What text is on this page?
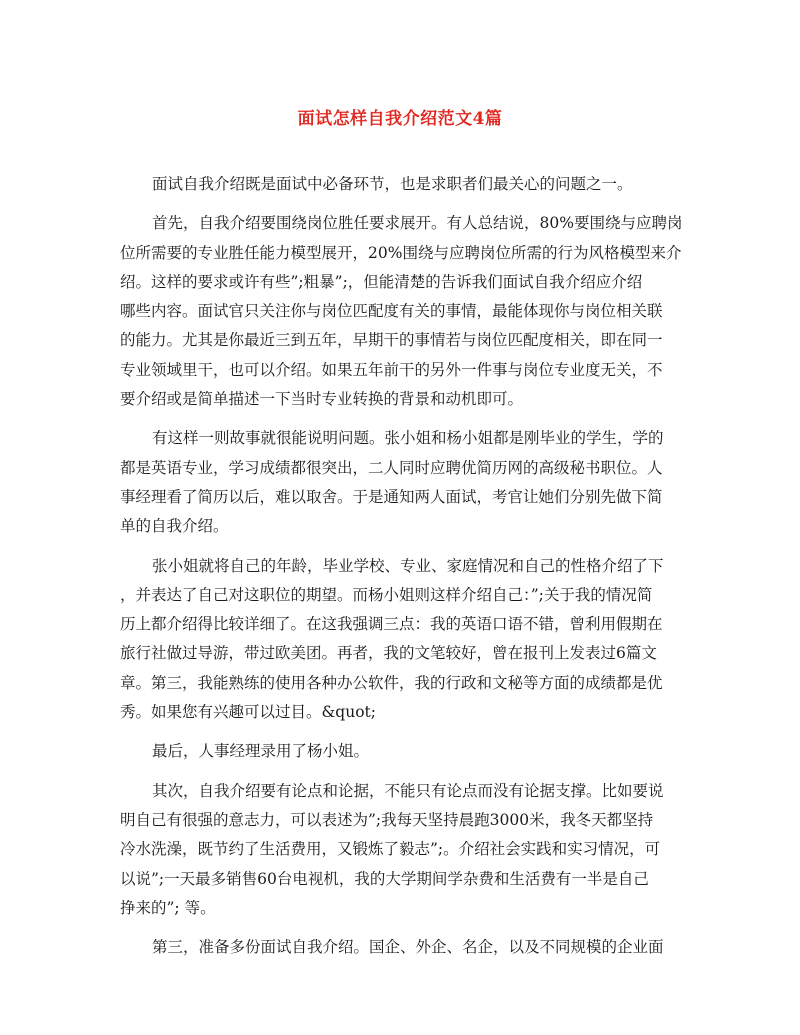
面试怎样自我介绍范文4篇
面试自我介绍既是面试中必备环节，也是求职者们最关心的问题之一。
首先，自我介绍要围绕岗位胜任要求展开。有人总结说，80%要围绕与应聘岗
位所需要的专业胜任能力模型展开，20%围绕与应聘岗位所需的行为风格模型来介
绍。这样的要求或许有些”;粗暴”;，但能清楚的告诉我们面试自我介绍应介绍
哪些内容。面试官只关注你与岗位匹配度有关的事情，最能体现你与岗位相关联
的能力。尤其是你最近三到五年，早期干的事情若与岗位匹配度相关，即在同一
专业领域里干，也可以介绍。如果五年前干的另外一件事与岗位专业度无关，不
要介绍或是简单描述一下当时专业转换的背景和动机即可。
有这样一则故事就很能说明问题。张小姐和杨小姐都是刚毕业的学生，学的
都是英语专业，学习成绩都很突出，二人同时应聘优简历网的高级秘书职位。人
事经理看了简历以后，难以取舍。于是通知两人面试，考官让她们分别先做下简
单的自我介绍。
张小姐就将自己的年龄，毕业学校、专业、家庭情况和自己的性格介绍了下
，并表达了自己对这职位的期望。而杨小姐则这样介绍自己：”;关于我的情况简
历上都介绍得比较详细了。在这我强调三点：我的英语口语不错，曾利用假期在
旅行社做过导游，带过欧美团。再者，我的文笔较好，曾在报刊上发表过6篇文
章。第三，我能熟练的使用各种办公软件，我的行政和文秘等方面的成绩都是优
秀。如果您有兴趣可以过目。&quot;
最后，人事经理录用了杨小姐。
其次，自我介绍要有论点和论据，不能只有论点而没有论据支撑。比如要说
明自己有很强的意志力，可以表述为”;我每天坚持晨跑3000米，我冬天都坚持
冷水洗澡，既节约了生活费用，又锻炼了毅志”;。介绍社会实践和实习情况，可
以说”;一天最多销售60台电视机，我的大学期间学杂费和生活费有一半是自己
挣来的”; 等。
第三，准备多份面试自我介绍。国企、外企、名企，以及不同规模的企业面
